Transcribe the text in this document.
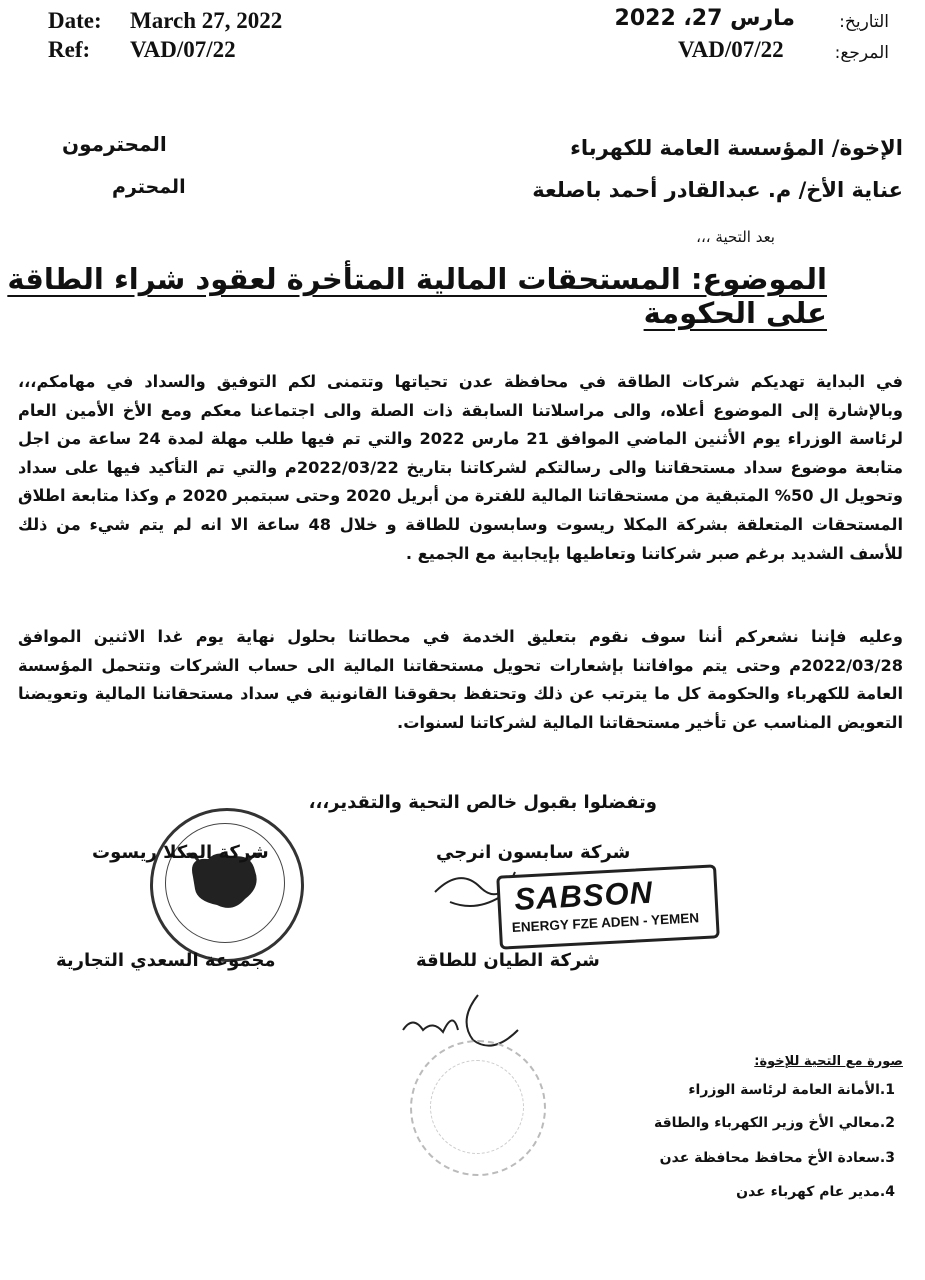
Date: March 27, 2022
Ref: VAD/07/22
التاريخ:
مارس 27، 2022
المرجع:
VAD/07/22
الإخوة/ المؤسسة العامة للكهرباء
المحترمون
عناية الأخ/ م. عبدالقادر أحمد باصلعة
المحترم
بعد التحية ،،،
الموضوع: المستحقات المالية المتأخرة لعقود شراء الطاقة على الحكومة
في البداية تهديكم شركات الطاقة في محافظة عدن تحياتها وتتمنى لكم التوفيق والسداد في مهامكم،،، وبالإشارة إلى الموضوع أعلاه، والى مراسلاتنا السابقة ذات الصلة والى اجتماعنا معكم ومع الأخ الأمين العام لرئاسة الوزراء يوم الأثنين الماضي الموافق 21 مارس 2022 والتي تم فيها طلب مهلة لمدة 24 ساعة من اجل متابعة موضوع سداد مستحقاتنا والى رسالتكم لشركاتنا بتاريخ 2022/03/22م والتي تم التأكيد فيها على سداد وتحويل ال 50% المتبقية من مستحقاتنا المالية للفترة من أبريل 2020 وحتى سبتمبر 2020 م وكذا متابعة اطلاق المستحقات المتعلقة بشركة المكلا ريسوت وسابسون للطاقة و خلال 48 ساعة الا انه لم يتم شيء من ذلك للأسف الشديد برغم صبر شركاتنا وتعاطيها بإيجابية مع الجميع .
وعليه فإننا نشعركم أننا سوف نقوم بتعليق الخدمة في محطاتنا بحلول نهاية يوم غدا الاثنين الموافق 2022/03/28م وحتى يتم موافاتنا بإشعارات تحويل مستحقاتنا المالية الى حساب الشركات وتتحمل المؤسسة العامة للكهرباء والحكومة كل ما يترتب عن ذلك وتحتفظ بحقوقنا القانونية في سداد مستحقاتنا المالية وتعويضنا التعويض المناسب عن تأخير مستحقاتنا المالية لشركاتنا لسنوات.
وتفضلوا بقبول خالص التحية والتقدير،،،
شركة المكلا ريسوت	شركة سابسون انرجي
SABSON
ENERGY FZE ADEN - YEMEN
مجموعة السعدي التجارية	شركة الطيان للطاقة
صورة مع التحية للإخوة:
1.الأمانة العامة لرئاسة الوزراء
2.معالي الأخ وزير الكهرباء والطاقة
3.سعادة الأخ محافظ محافظة عدن
4.مدير عام كهرباء عدن
